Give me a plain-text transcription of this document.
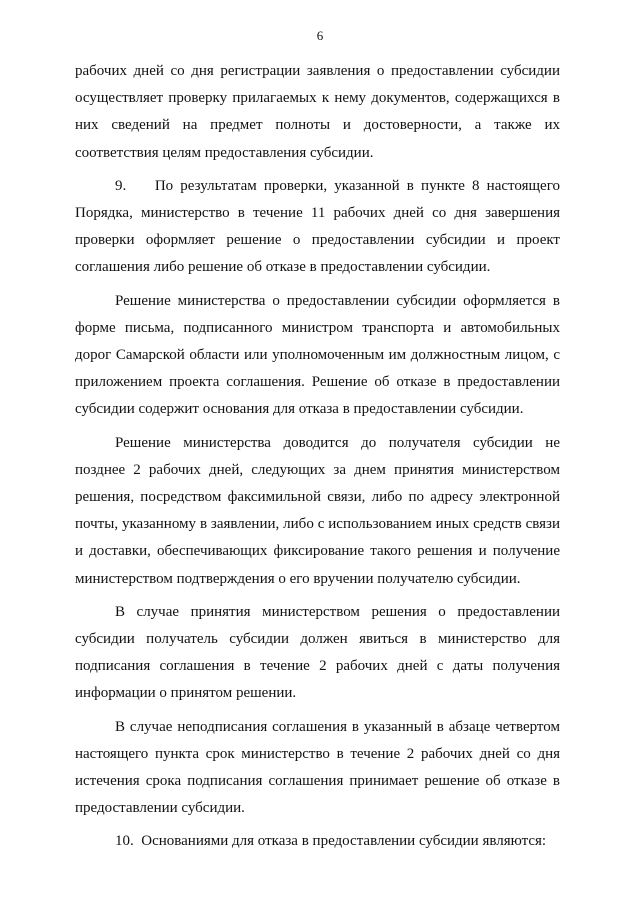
6

рабочих дней со дня регистрации заявления о предоставлении субсидии осуществляет проверку прилагаемых к нему документов, содержащихся в них сведений на предмет полноты и достоверности, а также их соответствия целям предоставления субсидии.

9.    По результатам проверки, указанной в пункте 8 настоящего Порядка, министерство в течение 11 рабочих дней со дня завершения проверки оформляет решение о предоставлении субсидии и проект соглашения либо решение об отказе в предоставлении субсидии.

Решение министерства о предоставлении субсидии оформляется в форме письма, подписанного министром транспорта и автомобильных дорог Самарской области или уполномоченным им должностным лицом, с приложением проекта соглашения. Решение об отказе в предоставлении субсидии содержит основания для отказа в предоставлении субсидии.

Решение министерства доводится до получателя субсидии не позднее 2 рабочих дней, следующих за днем принятия министерством решения, посредством факсимильной связи, либо по адресу электронной почты, указанному в заявлении, либо с использованием иных средств связи и доставки, обеспечивающих фиксирование такого решения и получение министерством подтверждения о его вручении получателю субсидии.

В случае принятия министерством решения о предоставлении субсидии получатель субсидии должен явиться в министерство для подписания соглашения в течение 2 рабочих дней с даты получения информации о принятом решении.

В случае неподписания соглашения в указанный в абзаце четвертом настоящего пункта срок министерство в течение 2 рабочих дней со дня истечения срока подписания соглашения принимает решение об отказе в предоставлении субсидии.

10.  Основаниями для отказа в предоставлении субсидии являются:
